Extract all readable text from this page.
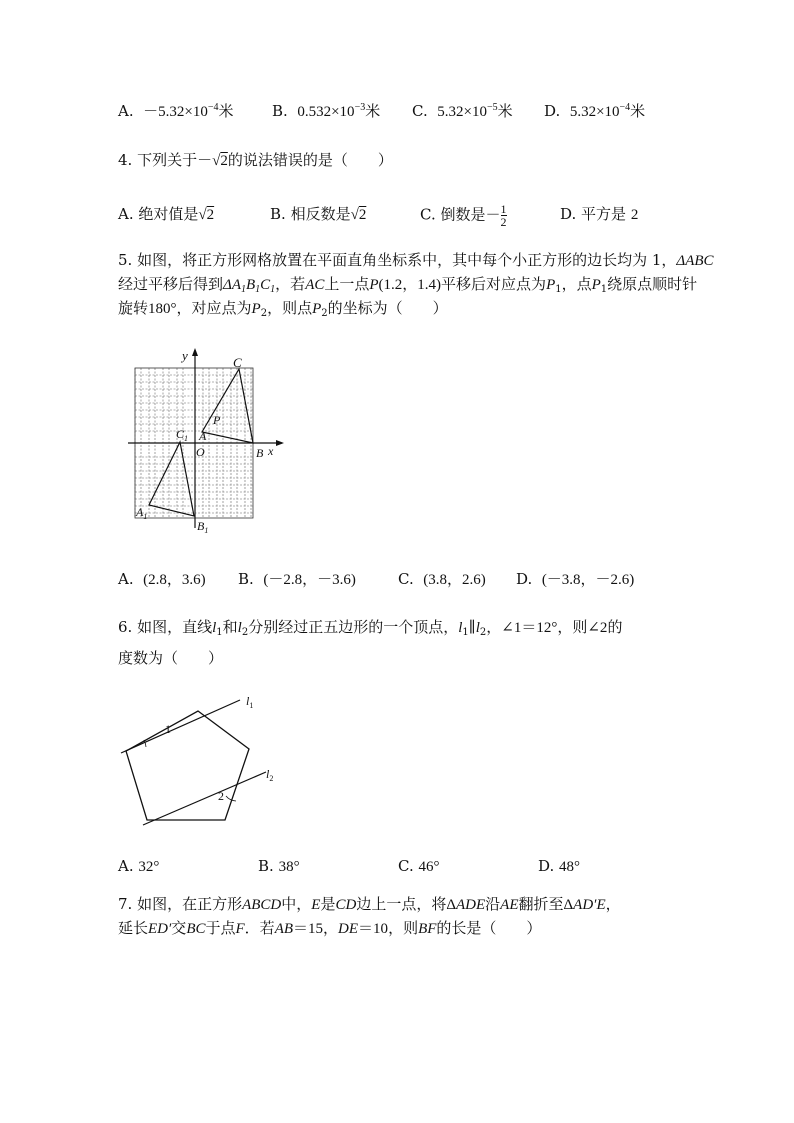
A. $-5.32\times 10^{-4}$米	B. $0.532\times 10^{-3}$米 C. $5.32\times 10^{-5}$米 D. $5.32\times 10^{-4}$米
4. 下列关于－√2的说法错误的是（　　）
A. 绝对值是√2	B. 相反数是√2	C. 倒数是－ $\frac{1}{2}$	D. 平方是 2
5. 如图，将正方形网格放置在平面直角坐标系中，其中每个小正方形的边长均为 1，ΔABC
经过平移后得到$\Delta A_1B_1C_1$，若AC上一点P(1.2，1.4)平移后对应点为$P_1$，点$P_1$绕原点顺时针
旋转180°，对应点为$P_2$，则点$P_2$的坐标为（　　）
y	C
P
A
$C_1$
O	B x
$A_1$
$B_1$
A. (2.8，3.6) B. (－2.8，－3.6)	C. (3.8，2.6) D. (－3.8，－2.6)
6. 如图，直线$l_1$和$l_2$分别经过正五边形的一个顶点，$l_1\parallel l_2$，∠1＝12°，则∠2的
度数为（　　）
$l_1$
1
$l_2$
2
A. 32°	B. 38°	C. 46°	D. 48°
7. 如图，在正方形ABCD中，E是CD边上一点，将ΔADE沿AE翻折至ΔAD′E，
延长ED′交BC于点F．若AB＝15，DE＝10，则BF的长是（　　）
